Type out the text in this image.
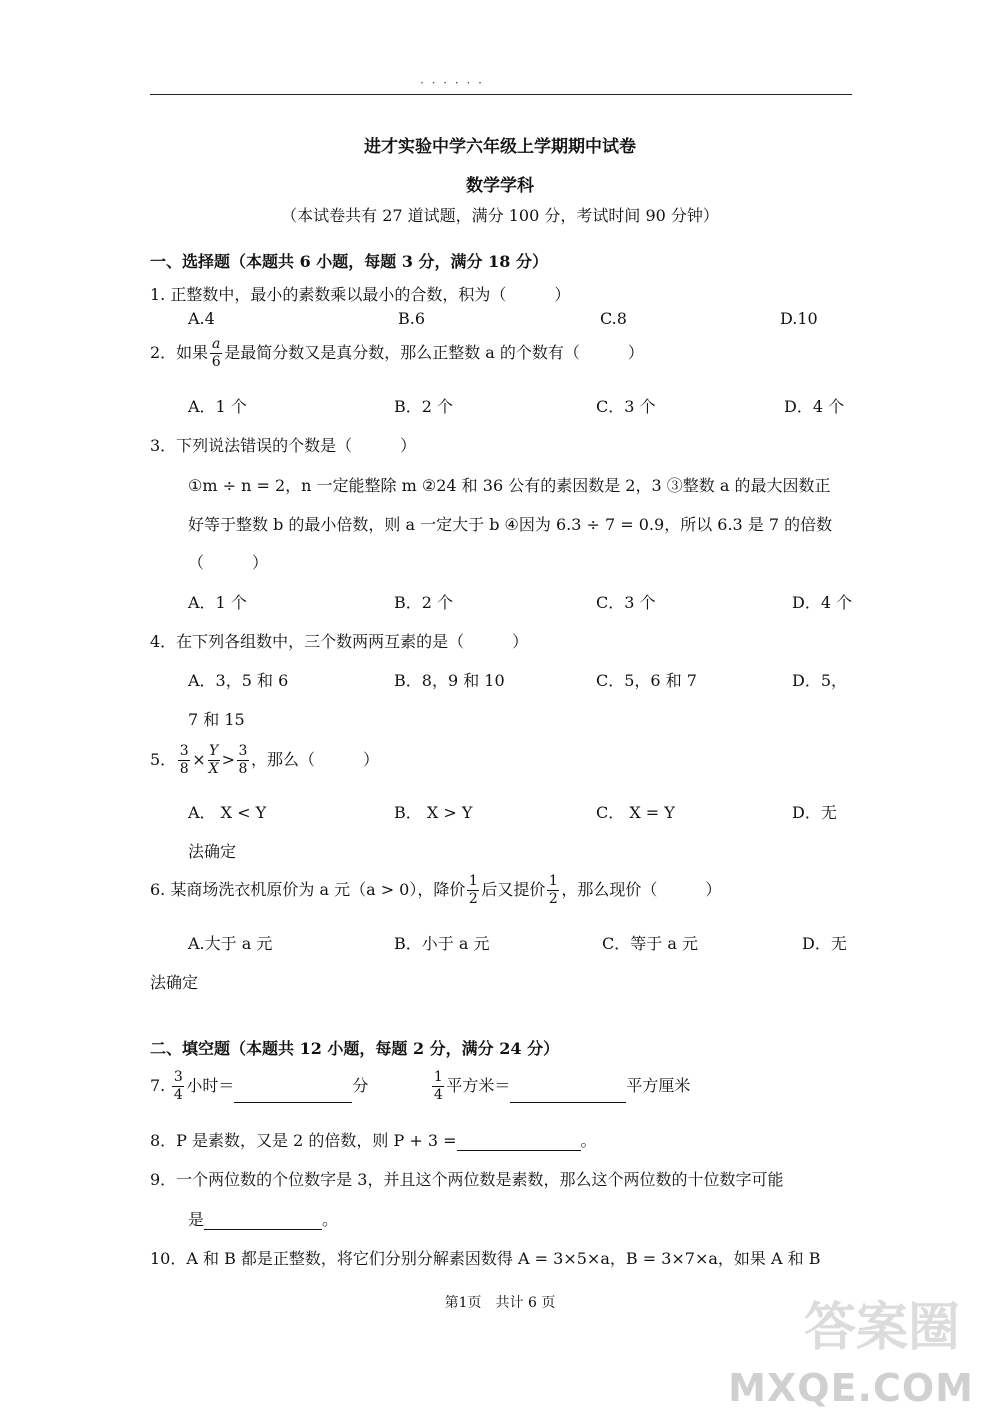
· · · · · ·
进才实验中学六年级上学期期中试卷
数学学科
（本试卷共有 27 道试题，满分 100 分，考试时间 90 分钟）
一、选择题（本题共 6 小题，每题 3 分，满分 18 分）
1. 正整数中，最小的素数乘以最小的合数，积为（　　　）
A.4	B.6	C.8	D.10
2．如果 $\frac{a}{6}$ 是最简分数又是真分数，那么正整数 a 的个数有（　　　）
A．1 个	B．2 个	C．3 个	D．4 个
3．下列说法错误的个数是（　　　）
①m ÷ n = 2，n 一定能整除 m ②24 和 36 公有的素因数是 2，3 ③整数 a 的最大因数正
好等于整数 b 的最小倍数，则 a 一定大于 b ④因为 6.3 ÷ 7 = 0.9，所以 6.3 是 7 的倍数
（　　　）
A．1 个	B．2 个	C．3 个	D．4 个
4．在下列各组数中，三个数两两互素的是（　　　）
A．3，5 和 6	B．8，9 和 10	C．5，6 和 7	D．5，
7 和 15
5． $\frac{3}{8} \times \frac{Y}{X} > \frac{3}{8}$ ，那么（　　　）
A． X < Y	B． X > Y	C． X = Y	D．无
法确定
6. 某商场洗衣机原价为 a 元（a > 0），降价 $\frac{1}{2}$ 后又提价 $\frac{1}{2}$ ，那么现价（　　　）
A.大于 a 元	B．小于 a 元	C．等于 a 元	D．无
法确定
二、填空题（本题共 12 小题，每题 2 分，满分 24 分）
7. $\frac{3}{4}$ 小时＝	分	$\frac{1}{4}$ 平方米＝	平方厘米
8．P 是素数，又是 2 的倍数，则 P + 3 =	。
9．一个两位数的个位数字是 3，并且这个两位数是素数，那么这个两位数的十位数字可能
是	。
10．A 和 B 都是正整数，将它们分别分解素因数得 A = 3×5×a，B = 3×7×a，如果 A 和 B
第1页　共计 6 页	答案圈
MXQE.COM
